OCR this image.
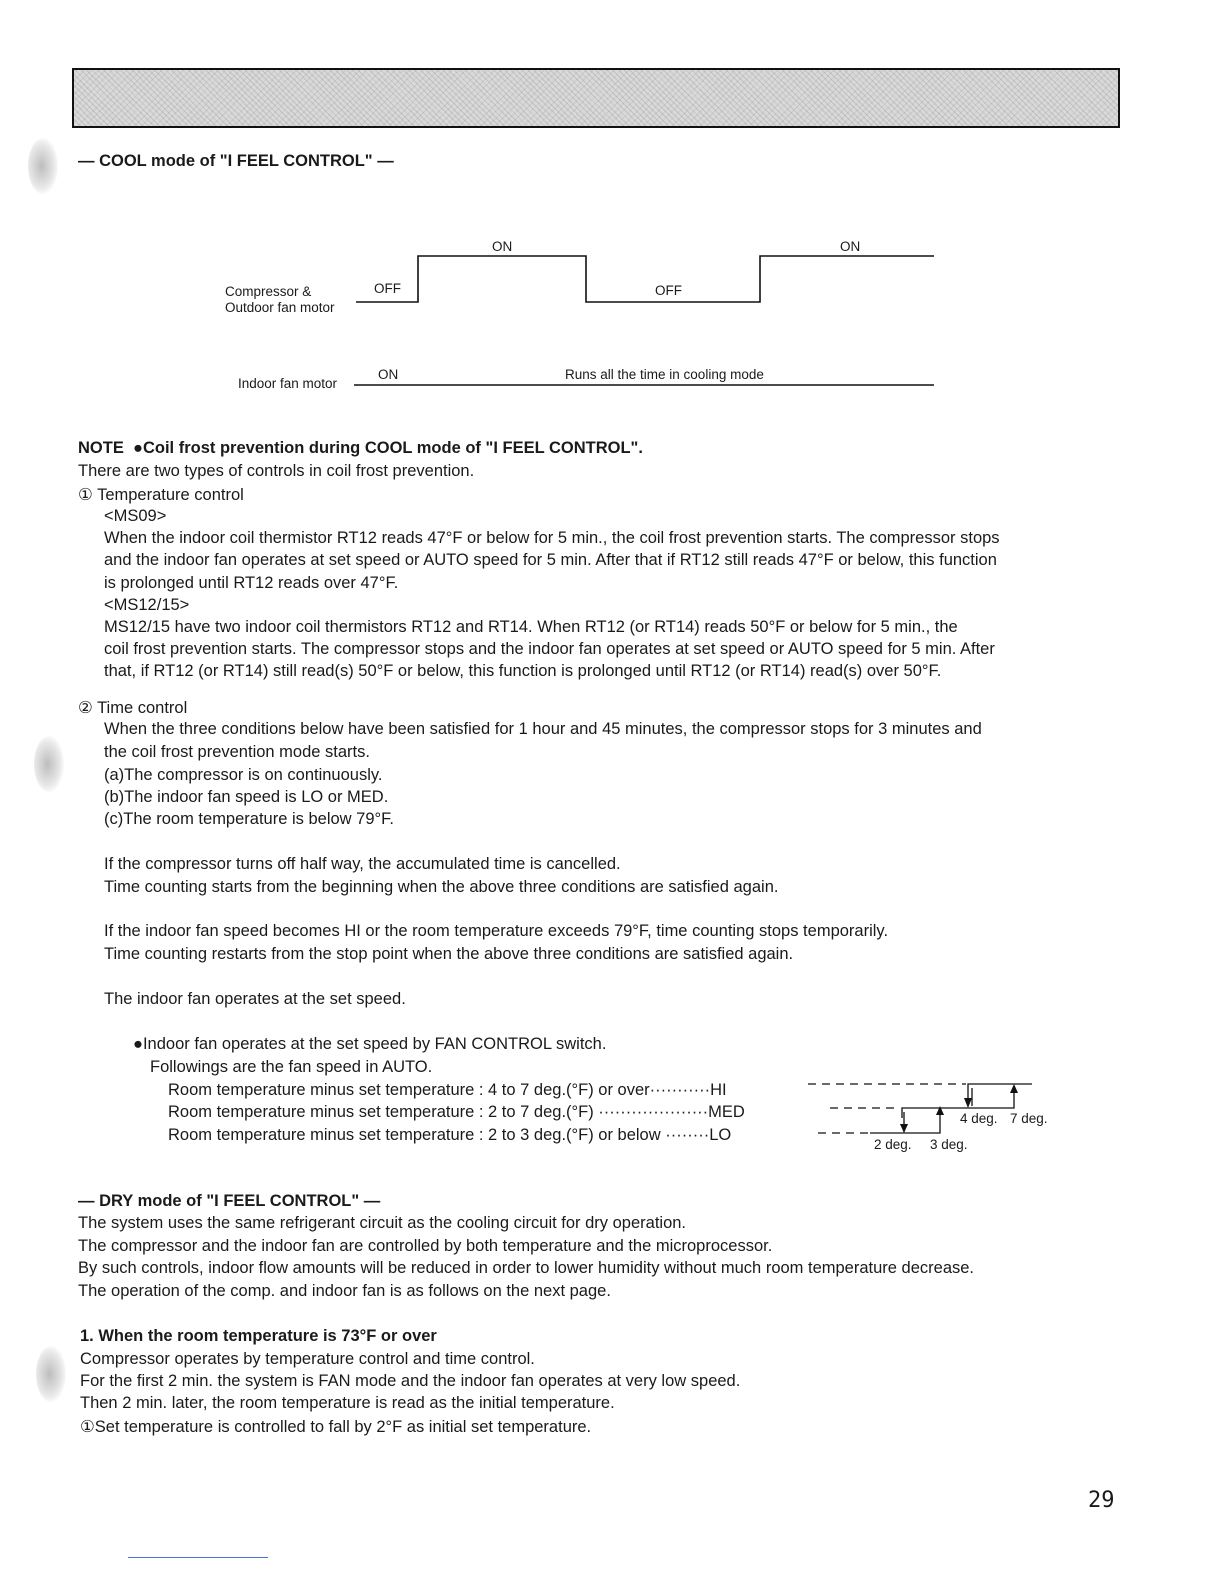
— COOL mode of "I FEEL CONTROL" —
Compressor &
Outdoor fan motor
OFF
ON
OFF
ON
Indoor fan motor
ON	Runs all the time in cooling mode
NOTE ●Coil frost prevention during COOL mode of "I FEEL CONTROL".
There are two types of controls in coil frost prevention.
① Temperature control
<MS09>
When the indoor coil thermistor RT12 reads 47°F or below for 5 min., the coil frost prevention starts. The compressor stops
and the indoor fan operates at set speed or AUTO speed for 5 min. After that if RT12 still reads 47°F or below, this function
is prolonged until RT12 reads over 47°F.
<MS12/15>
MS12/15 have two indoor coil thermistors RT12 and RT14. When RT12 (or RT14) reads 50°F or below for 5 min., the
coil frost prevention starts. The compressor stops and the indoor fan operates at set speed or AUTO speed for 5 min. After
that, if RT12 (or RT14) still read(s) 50°F or below, this function is prolonged until RT12 (or RT14) read(s) over 50°F.
② Time control
When the three conditions below have been satisfied for 1 hour and 45 minutes, the compressor stops for 3 minutes and
the coil frost prevention mode starts.
(a)The compressor is on continuously.
(b)The indoor fan speed is LO or MED.
(c)The room temperature is below 79°F.
If the compressor turns off half way, the accumulated time is cancelled.
Time counting starts from the beginning when the above three conditions are satisfied again.
If the indoor fan speed becomes HI or the room temperature exceeds 79°F, time counting stops temporarily.
Time counting restarts from the stop point when the above three conditions are satisfied again.
The indoor fan operates at the set speed.
●Indoor fan operates at the set speed by FAN CONTROL switch.
Followings are the fan speed in AUTO.
Room temperature minus set temperature : 4 to 7 deg.(°F) or over···········HI
Room temperature minus set temperature : 2 to 7 deg.(°F) ····················MED
Room temperature minus set temperature : 2 to 3 deg.(°F) or below ········LO
4 deg. 7 deg.
2 deg. 3 deg.
— DRY mode of "I FEEL CONTROL" —
The system uses the same refrigerant circuit as the cooling circuit for dry operation.
The compressor and the indoor fan are controlled by both temperature and the microprocessor.
By such controls, indoor flow amounts will be reduced in order to lower humidity without much room temperature decrease.
The operation of the comp. and indoor fan is as follows on the next page.
1. When the room temperature is 73°F or over
Compressor operates by temperature control and time control.
For the first 2 min. the system is FAN mode and the indoor fan operates at very low speed.
Then 2 min. later, the room temperature is read as the initial temperature.
①Set temperature is controlled to fall by 2°F as initial set temperature.
29
